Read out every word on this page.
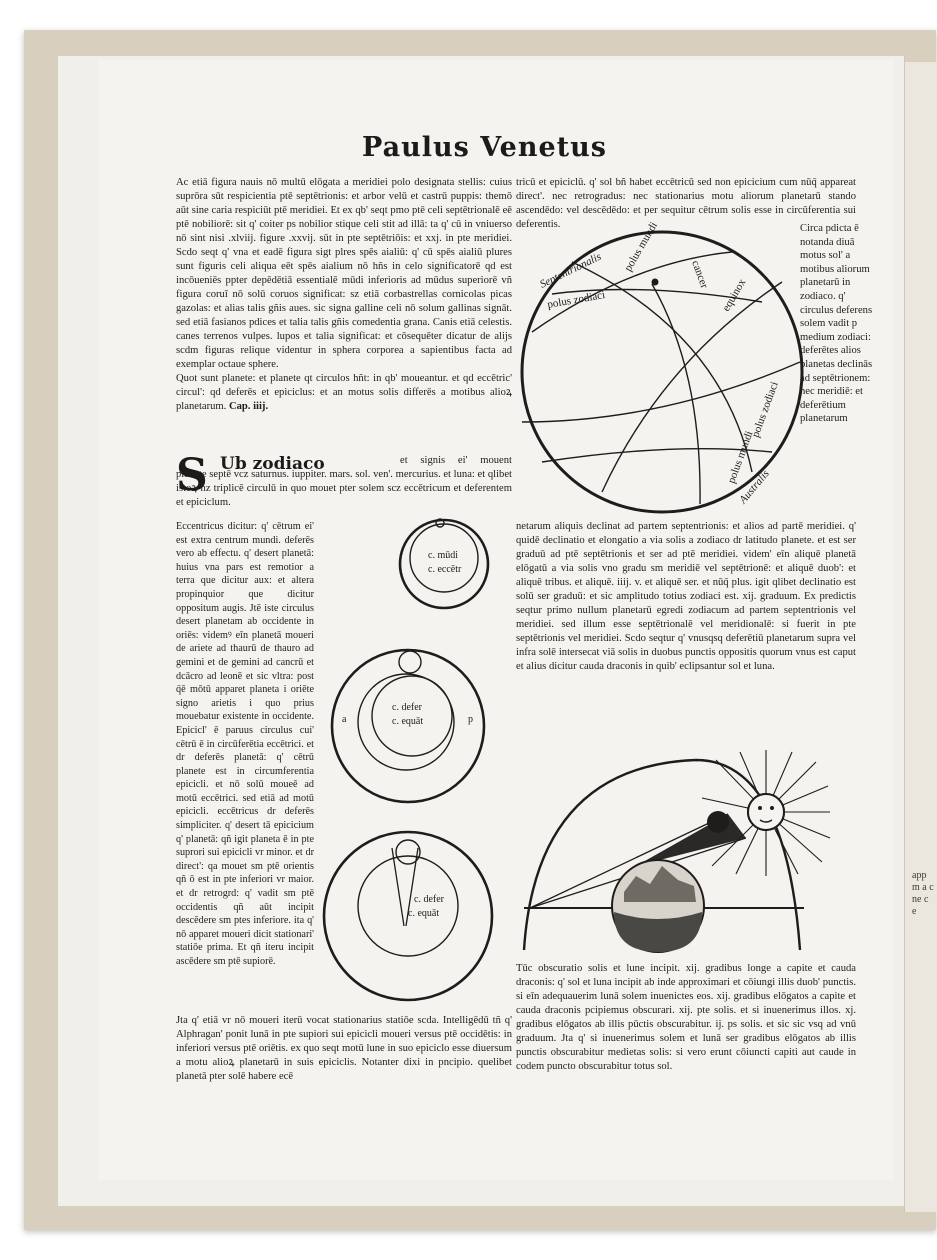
app m a c ne c e
Paulus Venetus

Ac etiā figura nauis nō multū elōgata a meridiei polo designata stellis: cuius suprōra sūt respicientia ptē septētrionis: et arbor velū et castrū puppis: themō aūt sine caria respiciūt ptē meridiei. Et ex qb' seqt pmo ptē celi septētrionalē eē ptē nobiliorē: sit q' coiter ps nobilior stique celi stit ad illā: ta q' cū in vniuerso nō sint nisi .xlviij. figure .xxvij. sūt in pte septētriōis: et xxj. in pte meridiei. Scdo seqt q' vna et eadē figura sigt plres spēs aialiū: q' cū spēs aialiū plures sunt figuris celi aliqua eēt spēs aialium nō hñs in celo significatorē qd est incōueniēs ppter depēdētiā essentialē mūdi inferioris ad mūdus superiorē vñ figura coruī nō solū coruos significat: sz etiā corbastrellas cornicolas picas gazolas: et alias talis gñis aues. sic signa galline celi nō solum gallinas signāt. sed etiā fasianos pdices et talia talis gñis comedentia grana. Canis etiā celestis. canes terrenos vulpes. lupos et talia significat: et cōsequēter dicatur de alijs scdm figuras relique videntur in sphera corporea a sapientibus facta ad exemplar octaue sphere.

Quot sunt planete: et planete qt circulos hñt: in qb' moueantur. et qd eccētric' circul': qd deferēs et epiciclus: et an motus solis differēs a motibus alioꝝ planetarum. Cap. iiij.

S Ub zodiaco	et signis ei' mouent planete septē vcz saturnus. iuppiter. mars. sol. ven'. mercurius. et luna: et qlibet istoꝝ hz triplicē circulū in quo mouet pter solem scz eccētricum et deferentem et epiciclum.

Eccentricus dicitur: q' cētrum ei' est extra centrum mundi. deferēs vero ab effectu. q' desert planetā: huius vna pars est remotior a terra que dicitur aux: et altera propinquior que dicitur oppositum augis. Jtē iste circulus desert planetam ab occidente in oriēs: videmꝰ eīn planetā moueri de ariete ad thaurū de thauro ad gemini et de gemini ad cancrū et dcācro ad leonē et sic vltra: post q̄ē mōtū apparet planeta i oriēte signo arietis i quo prius mouebatur existente in occidente. Epicicl' ē paruus circulus cui' cētrū ē in circūferētia eccētrici. et dr deferēs planetā: q' cētrū planete est in circumferentia epicicli. et nō solū moueē ad motū eccētrici. sed etiā ad motū epicicli. eccētricus dr deferēs simpliciter. q' desert tā epicicium q' planetā: qñ igit planeta ē in pte suprori sui epicicli vr minor. et dr direct': qa mouet sm ptē orientis qñ ō est in pte inferiori vr maior. et dr retrogrd: q' vadit sm ptē occidentis qñ aūt incipit descēdere sm ptes inferiore. ita q' nō apparet moueri dicit stationari' statiōe prima. Et qñ iteru incipit ascēdere sm ptē supiorē.

Jta q' etiā vr nō moueri iterū vocat stationarius statiōe scda. Intelligēdū tñ q' Alphragan' ponit lunā in pte supiori sui epicicli moueri versus ptē occidētis: in inferiori versus ptē oriētis. ex quo seqt motū lune in suo epiciclo esse diuersum a motu alioꝝ planetarū in suis epiciclis. Notanter dixi in pncipio. quelibet planetā pter solē habere ecē

tricū et epiciclū. q' sol bñ habet eccētricū sed non epicicium cum nūq̄ appareat direct'. nec retrogradus: nec stationarius motu aliorum planetarū stando ascendēdo: vel descēdēdo: et per sequitur cētrum solis esse in circūferentia sui deferentis.	Circa pdicta ē notanda diuā motus sol' a motibus aliorum planetarū in zodiaco. q' circulus deferens solem vadit p medium zodiaci: deferētes alios planetas declinās ad septētrionem: nec meridiē: et deferētium planetarum

netarum aliquis declinat ad partem septentrionis: et alios ad partē meridiei. q' quidē declinatio et elongatio a via solis a zodiaco dr latitudo planete. et est ser graduū ad ptē septētrionis et ser ad ptē meridiei. videm' eīn aliquē planetā elōgatū a via solis vno gradu sm meridiē vel septētrionē: et aliquē duob': et aliquē tribus. et aliquē. iiij. v. et aliquē ser. et nūq̄ plus. igit qlibet declinatio est solū ser graduū: et sic amplitudo totius zodiaci est. xij. graduum. Ex predictis seqtur primo nullum planetarū egredi zodiacum ad partem septentrionis vel meridiei. sed illum esse septētrionalē vel meridionalē: si fuerit in pte septētrionis vel meridiei. Scdo seqtur q' vnusqsq deferētiū planetarum supra vel infra solē intersecat viā solis in duobus punctis oppositis quorum vnus est caput et alius dicitur cauda draconis in quib' eclipsantur sol et luna.

Tūc obscuratio solis et lune incipit. xij. gradibus longe a capite et cauda draconis: q' sol et luna incipit ab inde approximari et cōiungi illis duob' punctis. si eīn adequauerim lunā solem inuenictes eos. xij. gradibus elōgatos a capite et cauda draconis pcipiemus obscurari. xij. pte solis. et si inuenerimus illos. xj. gradibus elōgatos ab illis pūctis obscurabitur. ij. ps solis. et sic sic vsq ad vnū graduum. Jta q' si inuenerimus solem et lunā ser gradibus elōgatos ab illis punctis obscurabitur medietas solis: si vero erunt cōiuncti capiti aut caude in codem puncto obscurabitur totus sol.

Septentrionalis
polus zodiaci
polus mundi
cancer
equinox
polus zodiaci
polus mundi
Australis
c. mūdi
c. eccētr
c. defer
c. equāt
a	p
c. defer
c. equāt
